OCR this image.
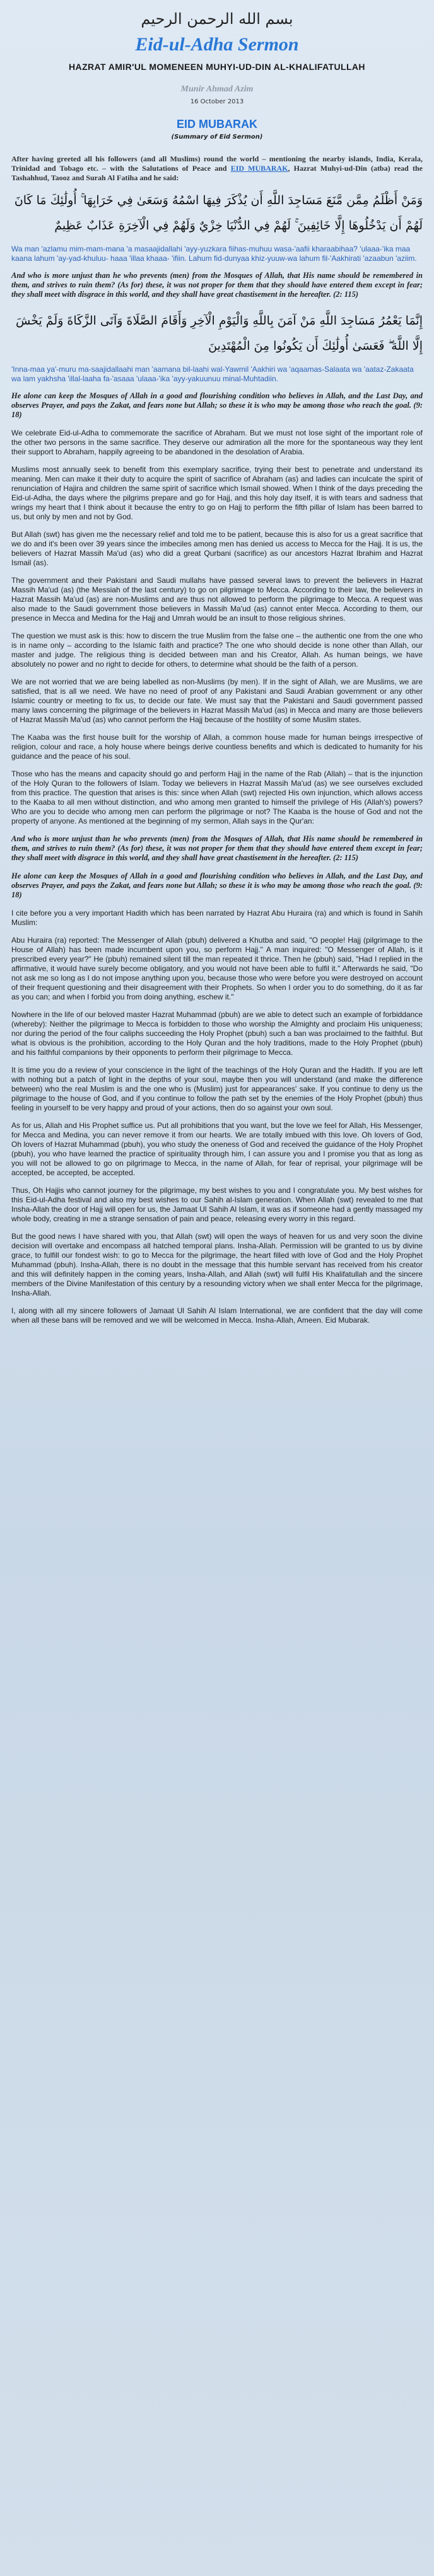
بسم الله الرحمن الرحيم
Eid-ul-Adha Sermon
HAZRAT AMIR'UL MOMENEEN MUHYI-UD-DIN AL-KHALIFATULLAH
Munir Ahmad Azim
16 October 2013
EID MUBARAK
(Summary of Eid Sermon)

After having greeted all his followers (and all Muslims) round the world – mentioning the nearby islands, India, Kerala, Trinidad and Tobago etc. – with the Salutations of Peace and EID MUBARAK, Hazrat Muhyi-ud-Din (atba) read the Tashahhud, Taooz and Surah Al Fatiha and he said:

وَمَنْ أَظْلَمُ مِمَّن مَّنَعَ مَسَاجِدَ اللَّهِ أَن يُذْكَرَ فِيهَا اسْمُهُ وَسَعَىٰ فِي خَرَابِهَا ۚ أُولَٰئِكَ مَا كَانَ لَهُمْ أَن يَدْخُلُوهَا إِلَّا خَائِفِينَ ۚ لَهُمْ فِي الدُّنْيَا خِزْيٌ وَلَهُمْ فِي الْآخِرَةِ عَذَابٌ عَظِيمٌ

Wa man 'azlamu mim-mam-mana 'a masaajidallahi 'ayy-yuzkara fiihas-muhuu wasa-'aafii kharaabihaa? 'ulaaa-'ika maa kaana lahum 'ay-yad-khuluu- haaa 'illaa khaaa- 'ifiin. Lahum fid-dunyaa khiz-yuuw-wa lahum fil-'Aakhirati 'azaabun 'aziim.

And who is more unjust than he who prevents (men) from the Mosques of Allah, that His name should be remembered in them, and strives to ruin them? (As for) these, it was not proper for them that they should have entered them except in fear; they shall meet with disgrace in this world, and they shall have great chastisement in the hereafter. (2: 115)

إِنَّمَا يَعْمُرُ مَسَاجِدَ اللَّهِ مَنْ آمَنَ بِاللَّهِ وَالْيَوْمِ الْآخِرِ وَأَقَامَ الصَّلَاةَ وَآتَى الزَّكَاةَ وَلَمْ يَخْشَ إِلَّا اللَّهَ ۖ فَعَسَىٰ أُولَٰئِكَ أَن يَكُونُوا مِنَ الْمُهْتَدِينَ

'Innа-maa ya'-muru ma-saajidallaahi man 'aamana bil-laahi wal-Yawmil 'Aakhiri wa 'aqaamas-Salaata wa 'aataz-Zakaata wa lam yakhsha 'illal-laaha fa-'asaaa 'ulaaa-'ika 'ayy-yakuunuu minal-Muhtadiin.

He alone can keep the Mosques of Allah in a good and flourishing condition who believes in Allah, and the Last Day, and observes Prayer, and pays the Zakat, and fears none but Allah; so these it is who may be among those who reach the goal. (9: 18)

We celebrate Eid-ul-Adha to commemorate the sacrifice of Abraham. But we must not lose sight of the important role of the other two persons in the same sacrifice. They deserve our admiration all the more for the spontaneous way they lent their support to Abraham, happily agreeing to be abandoned in the desolation of Arabia.

Muslims most annually seek to benefit from this exemplary sacrifice, trying their best to penetrate and understand its meaning. Men can make it their duty to acquire the spirit of sacrifice of Abraham (as) and ladies can inculcate the spirit of renunciation of Hajira and children the same spirit of sacrifice which Ismail showed. When I think of the days preceding the Eid-ul-Adha, the days where the pilgrims prepare and go for Hajj, and this holy day itself, it is with tears and sadness that wrings my heart that I think about it because the entry to go on Hajj to perform the fifth pillar of Islam has been barred to us, but only by men and not by God.

But Allah (swt) has given me the necessary relief and told me to be patient, because this is also for us a great sacrifice that we do and it's been over 39 years since the imbeciles among men has denied us access to Mecca for the Hajj. It is us, the believers of Hazrat Massih Ma'ud (as) who did a great Qurbani (sacrifice) as our ancestors Hazrat Ibrahim and Hazrat Ismail (as).

The government and their Pakistani and Saudi mullahs have passed several laws to prevent the believers in Hazrat Massih Ma'ud (as) (the Messiah of the last century) to go on pilgrimage to Mecca. According to their law, the believers in Hazrat Massih Ma'ud (as) are non-Muslims and are thus not allowed to perform the pilgrimage to Mecca. A request was also made to the Saudi government those believers in Massih Ma'ud (as) cannot enter Mecca. According to them, our presence in Mecca and Medina for the Hajj and Umrah would be an insult to those religious shrines.

The question we must ask is this: how to discern the true Muslim from the false one – the authentic one from the one who is in name only – according to the Islamic faith and practice? The one who should decide is none other than Allah, our master and judge. The religious thing is decided between man and his Creator, Allah. As human beings, we have absolutely no power and no right to decide for others, to determine what should be the faith of a person.

We are not worried that we are being labelled as non-Muslims (by men). If in the sight of Allah, we are Muslims, we are satisfied, that is all we need. We have no need of proof of any Pakistani and Saudi Arabian government or any other Islamic country or meeting to fix us, to decide our fate. We must say that the Pakistani and Saudi government passed many laws concerning the pilgrimage of the believers in Hazrat Massih Ma'ud (as) in Mecca and many are those believers of Hazrat Massih Ma'ud (as) who cannot perform the Hajj because of the hostility of some Muslim states.

The Kaaba was the first house built for the worship of Allah, a common house made for human beings irrespective of religion, colour and race, a holy house where beings derive countless benefits and which is dedicated to humanity for his guidance and the peace of his soul.

Those who has the means and capacity should go and perform Hajj in the name of the Rab (Allah) – that is the injunction of the Holy Quran to the followers of Islam. Today we believers in Hazrat Massih Ma'ud (as) we see ourselves excluded from this practice. The question that arises is this: since when Allah (swt) rejected His own injunction, which allows access to the Kaaba to all men without distinction, and who among men granted to himself the privilege of His (Allah's) powers? Who are you to decide who among men can perform the pilgrimage or not? The Kaaba is the house of God and not the property of anyone. As mentioned at the beginning of my sermon, Allah says in the Qur'an:

And who is more unjust than he who prevents (men) from the Mosques of Allah, that His name should be remembered in them, and strives to ruin them? (As for) these, it was not proper for them that they should have entered them except in fear; they shall meet with disgrace in this world, and they shall have great chastisement in the hereafter. (2: 115)

He alone can keep the Mosques of Allah in a good and flourishing condition who believes in Allah, and the Last Day, and observes Prayer, and pays the Zakat, and fears none but Allah; so these it is who may be among those who reach the goal. (9: 18)

I cite before you a very important Hadith which has been narrated by Hazrat Abu Huraira (ra) and which is found in Sahih Muslim:

Abu Huraira (ra) reported: The Messenger of Allah (pbuh) delivered a Khutba and said, "O people! Hajj (pilgrimage to the House of Allah) has been made incumbent upon you, so perform Hajj." A man inquired: "O Messenger of Allah, is it prescribed every year?" He (pbuh) remained silent till the man repeated it thrice. Then he (pbuh) said, "Had I replied in the affirmative, it would have surely become obligatory, and you would not have been able to fulfil it." Afterwards he said, "Do not ask me so long as I do not impose anything upon you, because those who were before you were destroyed on account of their frequent questioning and their disagreement with their Prophets. So when I order you to do something, do it as far as you can; and when I forbid you from doing anything, eschew it."

Nowhere in the life of our beloved master Hazrat Muhammad (pbuh) are we able to detect such an example of forbiddance (whereby): Neither the pilgrimage to Mecca is forbidden to those who worship the Almighty and proclaim His uniqueness; nor during the period of the four caliphs succeeding the Holy Prophet (pbuh) such a ban was proclaimed to the faithful. But what is obvious is the prohibition, according to the Holy Quran and the holy traditions, made to the Holy Prophet (pbuh) and his faithful companions by their opponents to perform their pilgrimage to Mecca.

It is time you do a review of your conscience in the light of the teachings of the Holy Quran and the Hadith. If you are left with nothing but a patch of light in the depths of your soul, maybe then you will understand (and make the difference between) who the real Muslim is and the one who is (Muslim) just for appearances' sake. If you continue to deny us the pilgrimage to the house of God, and if you continue to follow the path set by the enemies of the Holy Prophet (pbuh) thus feeling in yourself to be very happy and proud of your actions, then do so against your own soul.

As for us, Allah and His Prophet suffice us. Put all prohibitions that you want, but the love we feel for Allah, His Messenger, for Mecca and Medina, you can never remove it from our hearts. We are totally imbued with this love. Oh lovers of God, Oh lovers of Hazrat Muhammad (pbuh), you who study the oneness of God and received the guidance of the Holy Prophet (pbuh), you who have learned the practice of spirituality through him, I can assure you and I promise you that as long as you will not be allowed to go on pilgrimage to Mecca, in the name of Allah, for fear of reprisal, your pilgrimage will be accepted, be accepted, be accepted.

Thus, Oh Hajjis who cannot journey for the pilgrimage, my best wishes to you and I congratulate you. My best wishes for this Eid-ul-Adha festival and also my best wishes to our Sahih al-Islam generation. When Allah (swt) revealed to me that Insha-Allah the door of Hajj will open for us, the Jamaat Ul Sahih Al Islam, it was as if someone had a gently massaged my whole body, creating in me a strange sensation of pain and peace, releasing every worry in this regard.

But the good news I have shared with you, that Allah (swt) will open the ways of heaven for us and very soon the divine decision will overtake and encompass all hatched temporal plans. Insha-Allah. Permission will be granted to us by divine grace, to fulfill our fondest wish: to go to Mecca for the pilgrimage, the heart filled with love of God and the Holy Prophet Muhammad (pbuh). Insha-Allah, there is no doubt in the message that this humble servant has received from his creator and this will definitely happen in the coming years, Insha-Allah, and Allah (swt) will fulfil His Khalifatullah and the sincere members of the Divine Manifestation of this century by a resounding victory when we shall enter Mecca for the pilgrimage, Insha-Allah.

I, along with all my sincere followers of Jamaat Ul Sahih Al Islam International, we are confident that the day will come when all these bans will be removed and we will be welcomed in Mecca. Insha-Allah, Ameen. Eid Mubarak.
